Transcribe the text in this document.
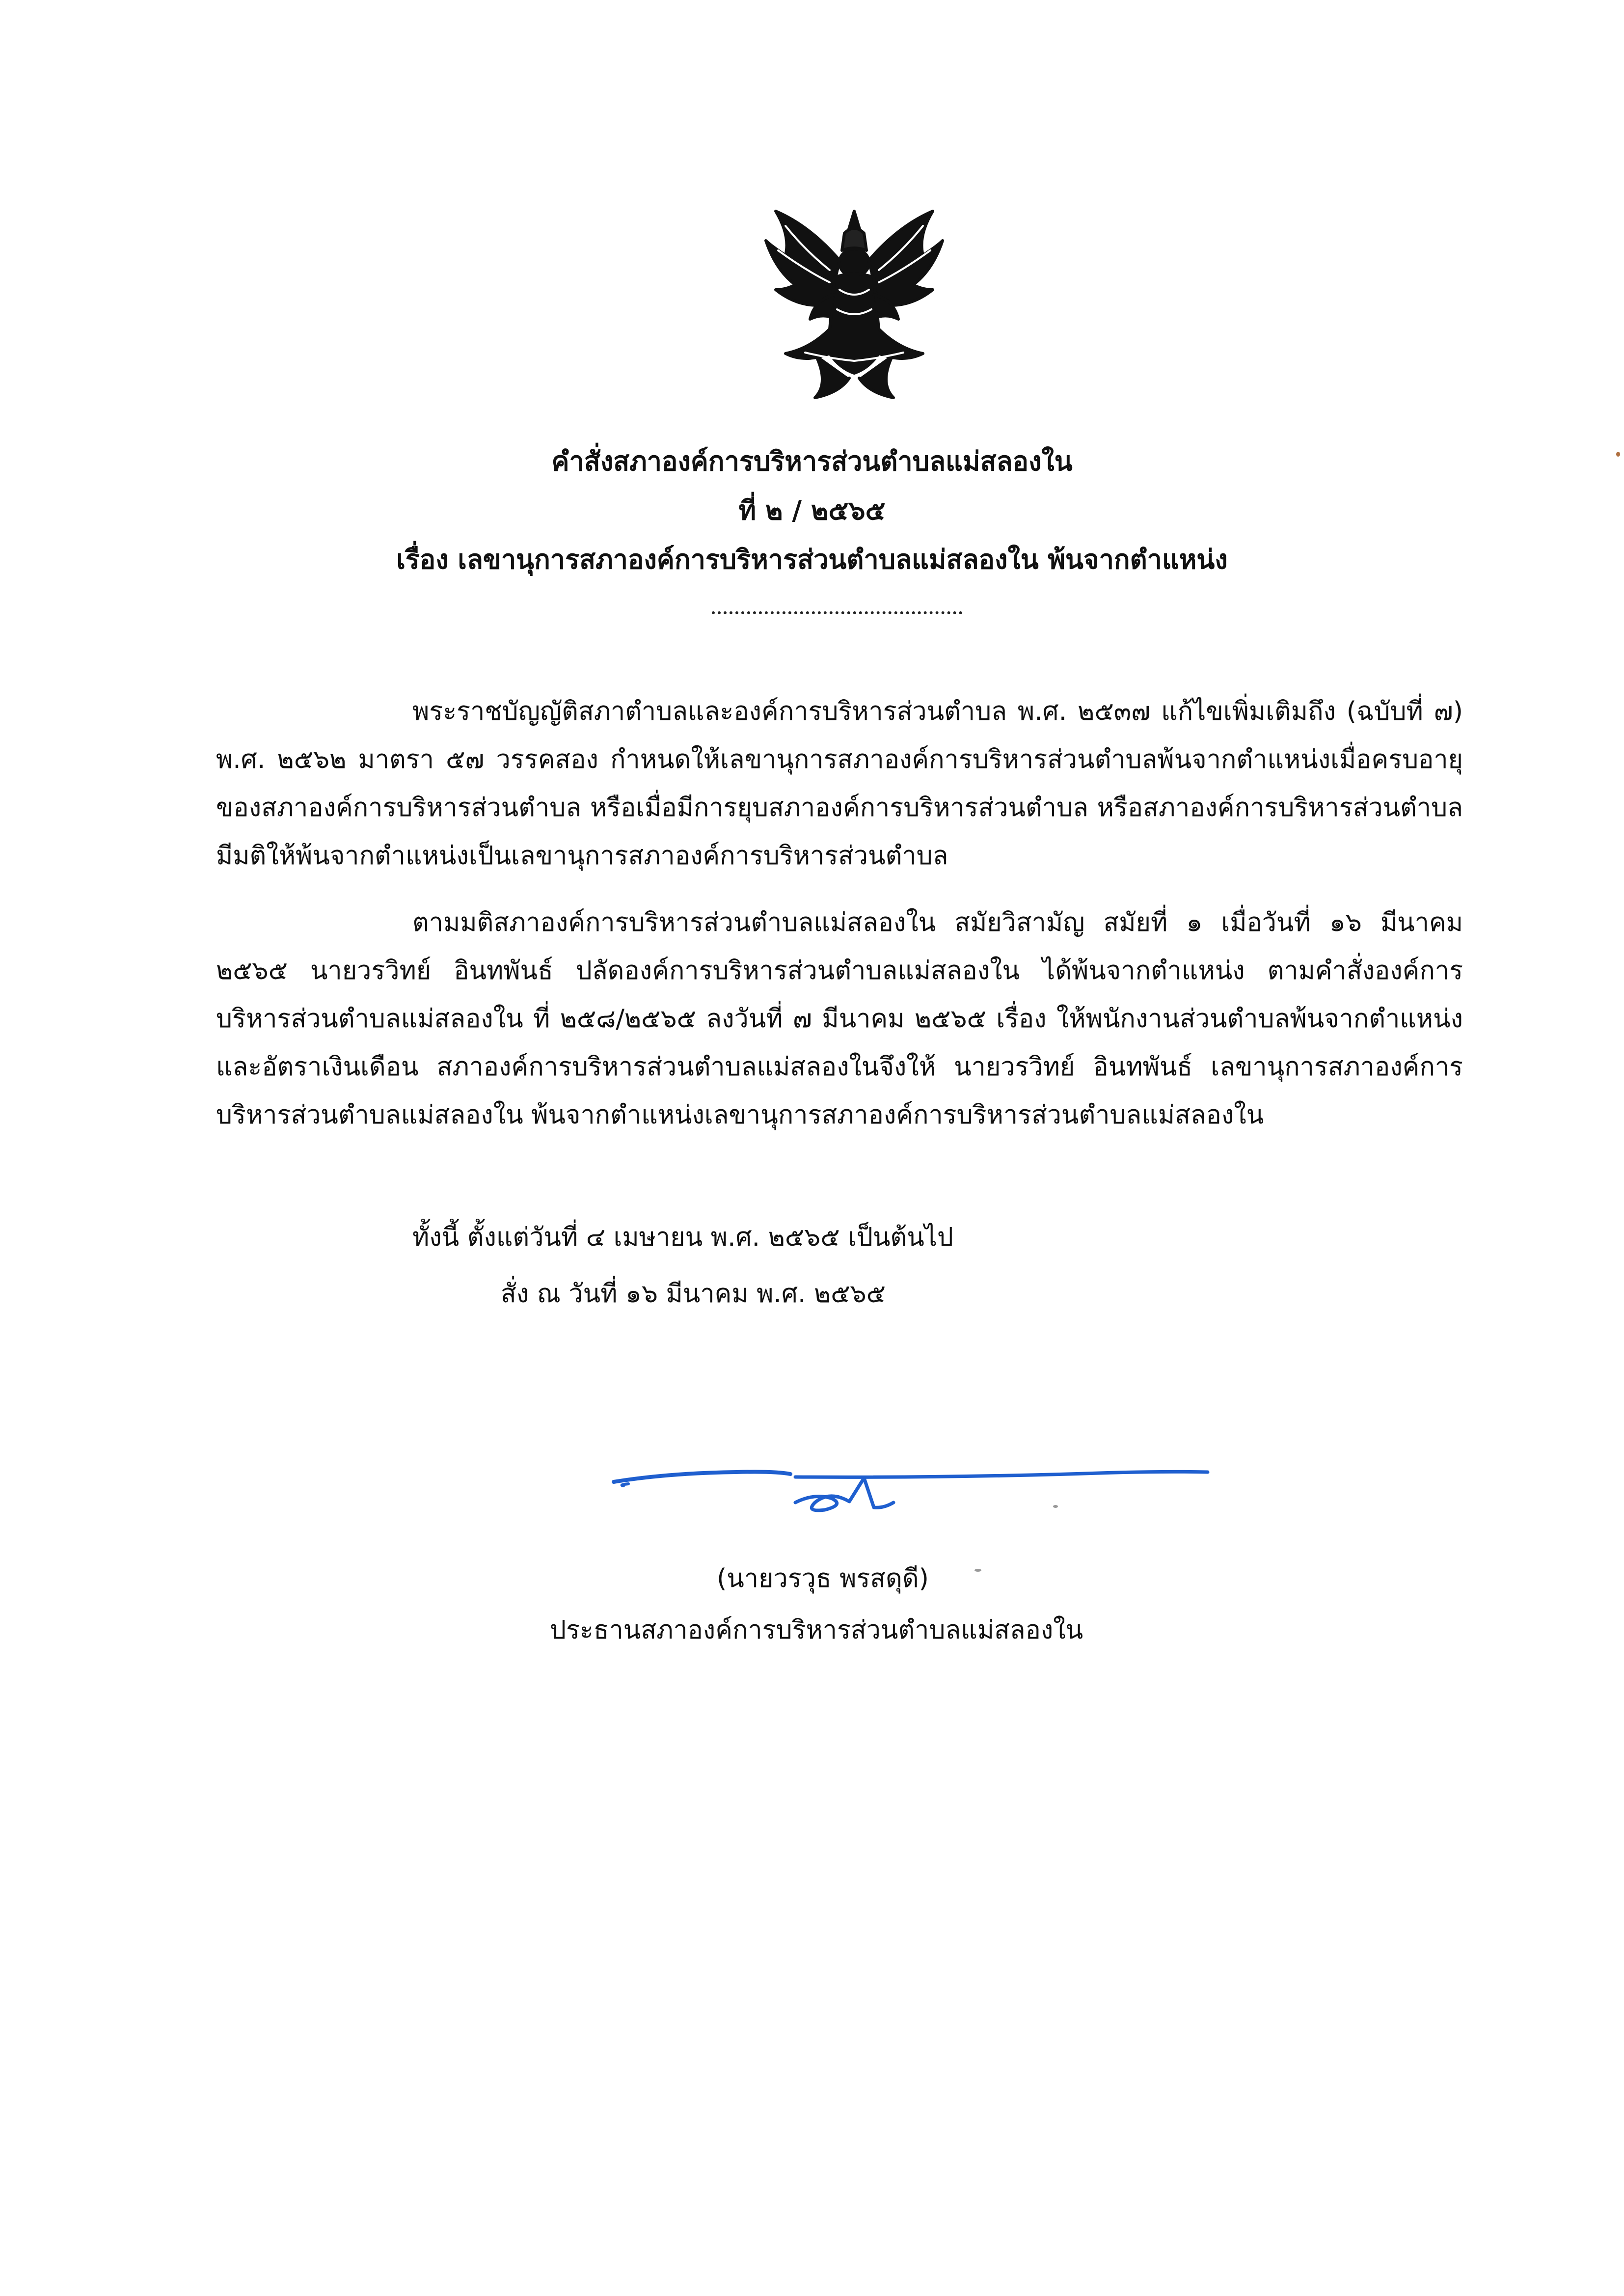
คำสั่งสภาองค์การบริหารส่วนตำบลแม่สลองใน
ที่ ๒ / ๒๕๖๕
เรื่อง เลขานุการสภาองค์การบริหารส่วนตำบลแม่สลองใน พ้นจากตำแหน่ง
พระราชบัญญัติสภาตำบลและองค์การบริหารส่วนตำบล พ.ศ. ๒๕๓๗ แก้ไขเพิ่มเติมถึง (ฉบับที่ ๗) พ.ศ. ๒๕๖๒ มาตรา ๕๗ วรรคสอง กำหนดให้เลขานุการสภาองค์การบริหารส่วนตำบลพ้นจากตำแหน่งเมื่อครบอายุของสภาองค์การบริหารส่วนตำบล หรือเมื่อมีการยุบสภาองค์การบริหารส่วนตำบล หรือสภาองค์การบริหารส่วนตำบลมีมติให้พ้นจากตำแหน่งเป็นเลขานุการสภาองค์การบริหารส่วนตำบล
ตามมติสภาองค์การบริหารส่วนตำบลแม่สลองใน สมัยวิสามัญ สมัยที่ ๑ เมื่อวันที่ ๑๖ มีนาคม ๒๕๖๕ นายวรวิทย์ อินทพันธ์ ปลัดองค์การบริหารส่วนตำบลแม่สลองใน ได้พ้นจากตำแหน่ง ตามคำสั่งองค์การบริหารส่วนตำบลแม่สลองใน ที่ ๒๕๘/๒๕๖๕ ลงวันที่ ๗ มีนาคม ๒๕๖๕ เรื่อง ให้พนักงานส่วนตำบลพ้นจากตำแหน่งและอัตราเงินเดือน สภาองค์การบริหารส่วนตำบลแม่สลองในจึงให้ นายวรวิทย์ อินทพันธ์ เลขานุการสภาองค์การบริหารส่วนตำบลแม่สลองใน พ้นจากตำแหน่งเลขานุการสภาองค์การบริหารส่วนตำบลแม่สลองใน
ทั้งนี้ ตั้งแต่วันที่ ๔ เมษายน พ.ศ. ๒๕๖๕ เป็นต้นไป
สั่ง ณ วันที่ ๑๖ มีนาคม พ.ศ. ๒๕๖๕
(นายวรวุธ พรสดุดี)
ประธานสภาองค์การบริหารส่วนตำบลแม่สลองใน
